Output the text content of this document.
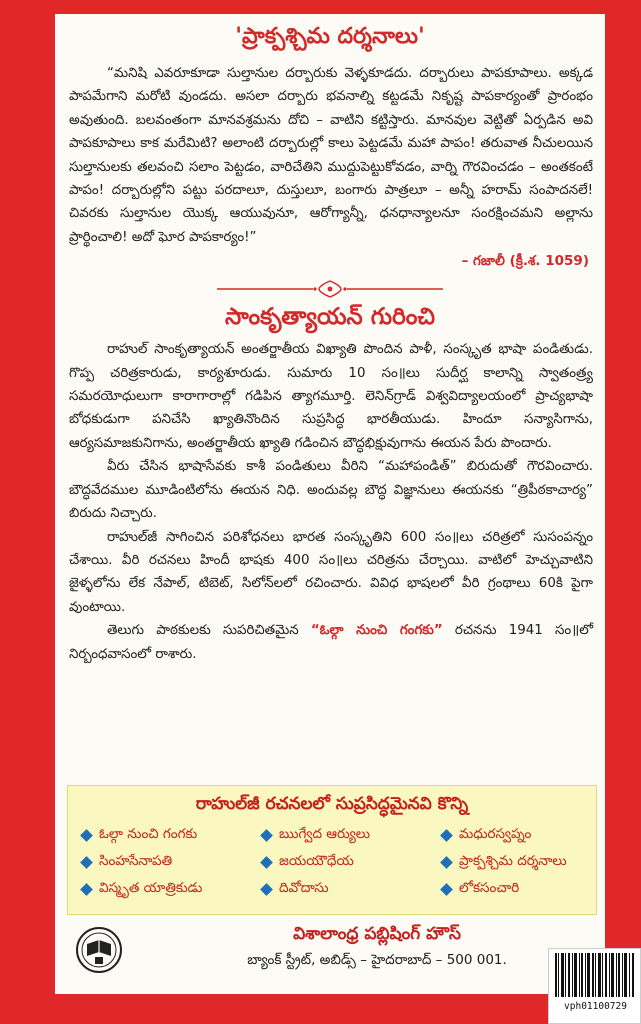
'ప్రాక్పశ్చిమ దర్శనాలు'
“మనిషి ఎవరూకూడా సుల్తానుల దర్బారుకు వెళ్ళకూడదు. దర్బారులు పాపకూపాలు. అక్కడ పాపమేగాని మరోటి వుండదు. అసలా దర్బారు భవనాల్ని కట్టడమే నికృష్ట పాపకార్యంతో ప్రారంభం అవుతుంది. బలవంతంగా మానవశ్రమను దోచి – వాటిని కట్టిస్తారు. మానవుల వెట్టితో ఏర్పడిన అవి పాపకూపాలు కాక మరేమిటి? అలాంటి దర్బారుల్లో కాలు పెట్టడమే మహా పాపం! తరువాత నీచులయిన సుల్తానులకు తలవంచి సలాం పెట్టడం, వారిచేతిని ముద్దుపెట్టుకోవడం, వార్ని గౌరవించడం – అంతకంటే పాపం! దర్బారుల్లోని పట్టు పరదాలూ, దుస్తులూ, బంగారు పాత్రలూ – అన్నీ హరామ్ సంపాదనలే! చివరకు సుల్తానుల యొక్క ఆయువునూ, ఆరోగ్యాన్నీ, ధనధాన్యాలనూ సంరక్షించమని అల్లాను ప్రార్థించాలి! అదో ఘోర పాపకార్యం!”
– గజాలీ (క్రీ.శ. 1059)
సాంకృత్యాయన్ గురించి
రాహుల్ సాంకృత్యాయన్ అంతర్జాతీయ విఖ్యాతి పొందిన పాళీ, సంస్కృత భాషా పండితుడు. గొప్ప చరిత్రకారుడు, కార్యశూరుడు. సుమారు 10 సం॥లు సుదీర్ఘ కాలాన్ని స్వాతంత్ర్య సమరయోధులుగా కారాగారాల్లో గడిపిన త్యాగమూర్తి. లెనిన్‌గ్రాడ్ విశ్వవిద్యాలయంలో ప్రాచ్యభాషా బోధకుడుగా పనిచేసి ఖ్యాతినొందిన సుప్రసిద్ధ భారతీయుడు. హిందూ సన్యాసిగాను, ఆర్యసమాజకునిగాను, అంతర్జాతీయ ఖ్యాతి గడించిన బౌద్ధభిక్షువుగాను ఈయన పేరు పొందారు.
వీరు చేసిన భాషాసేవకు కాశీ పండితులు వీరిని “మహాపండిత్” బిరుదుతో గౌరవించారు. బౌద్ధవేదముల మూడింటిలోను ఈయన నిధి. అందువల్ల బౌద్ధ విజ్ఞానులు ఈయనకు “త్రిపీఠకాచార్య” బిరుదు నిచ్చారు.
రాహుల్‌జీ సాగించిన పరిశోధనలు భారత సంస్కృతిని 600 సం॥లు చరిత్రలో సుసంపన్నం చేశాయి. వీరి రచనలు హిందీ భాషకు 400 సం॥లు చరిత్రను చేర్చాయి. వాటిలో హెచ్చువాటిని జైళ్ళలోను లేక నేపాల్, టిబెట్, సిలోన్‌లలో రచించారు. వివిధ భాషలలో వీరి గ్రంథాలు 60కి పైగా వుంటాయి.
తెలుగు పాఠకులకు సుపరిచితమైన “ఓల్గా నుంచి గంగకు” రచనను 1941 సం॥లో నిర్బంధవాసంలో రాశారు.
రాహుల్‌జీ రచనలలో సుప్రసిద్ధమైనవి కొన్ని
ఓల్గా నుంచి గంగకు	ఋగ్వేద ఆర్యులు	మధురస్వప్నం
సింహసేనాపతి	జయయౌధేయ	ప్రాక్పశ్చిమ దర్శనాలు
విస్మృత యాత్రికుడు	దివోదాసు	లోకసంచారి
విశాలాంధ్ర పబ్లిషింగ్ హౌస్
బ్యాంక్ స్ట్రీట్, అబిడ్స్ – హైదరాబాద్ – 500 001.
vph01100729
